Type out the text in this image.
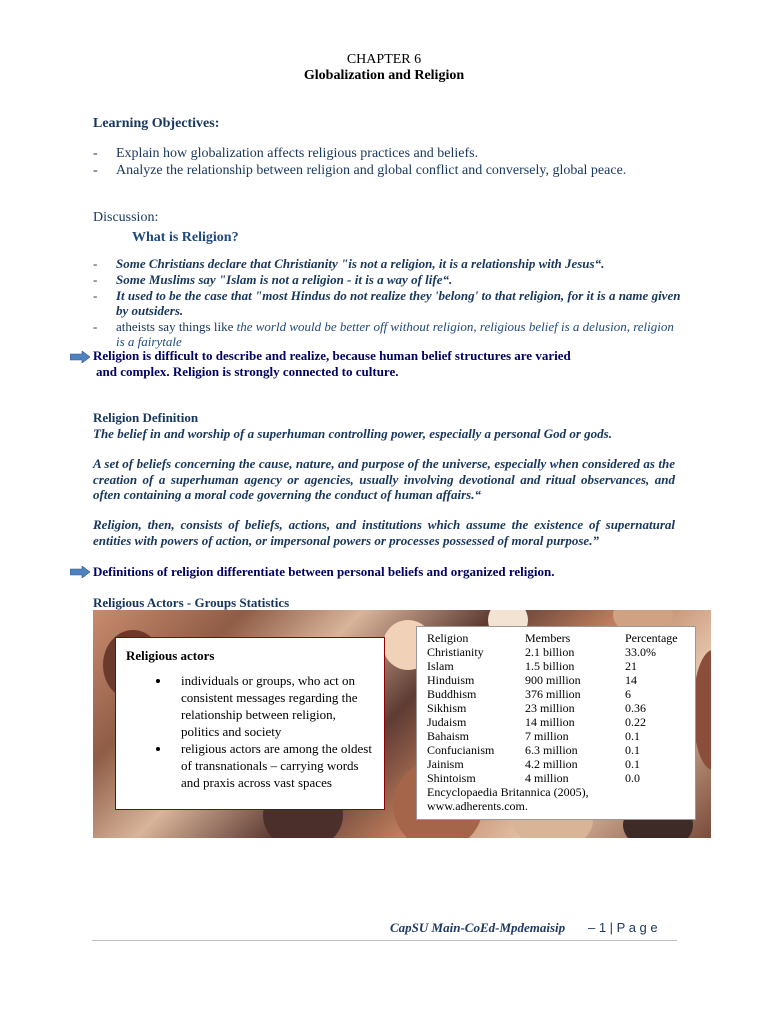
CHAPTER 6
Globalization and Religion
Learning Objectives:
- Explain how globalization affects religious practices and beliefs.
- Analyze the relationship between religion and global conflict and conversely, global peace.
Discussion:
What is Religion?
- Some Christians declare that Christianity "is not a religion, it is a relationship with Jesus“.
- Some Muslims say "Islam is not a religion - it is a way of life“.
- It used to be the case that "most Hindus do not realize they 'belong' to that religion, for it is a name given by outsiders.
- atheists say things like the world would be better off without religion, religious belief is a delusion, religion is a fairytale
Religion is difficult to describe and realize, because human belief structures are varied
and complex. Religion is strongly connected to culture.
Religion Definition
The belief in and worship of a superhuman controlling power, especially a personal God or gods.
A set of beliefs concerning the cause, nature, and purpose of the universe, especially when considered as the creation of a superhuman agency or agencies, usually involving devotional and ritual observances, and often containing a moral code governing the conduct of human affairs.“
Religion, then, consists of beliefs, actions, and institutions which assume the existence of supernatural entities with powers of action, or impersonal powers or processes possessed of moral purpose.”
Definitions of religion differentiate between personal beliefs and organized religion.
Religious Actors - Groups Statistics
Religious actors
• individuals or groups, who act on consistent messages regarding the relationship between religion, politics and society
• religious actors are among the oldest of transnationals – carrying words and praxis across vast spaces
Religion	Members	Percentage
Christianity	2.1 billion	33.0%
Islam	1.5 billion	21
Hinduism	900 million	14
Buddhism	376 million	6
Sikhism	23 million	0.36
Judaism	14 million	0.22
Bahaism	7 million	0.1
Confucianism	6.3 million	0.1
Jainism	4.2 million	0.1
Shintoism	4 million	0.0
Encyclopaedia Britannica (2005),		
www.adherents.com.		
CapSU Main-CoEd-Mpdemaisip – 1 | P a g e
